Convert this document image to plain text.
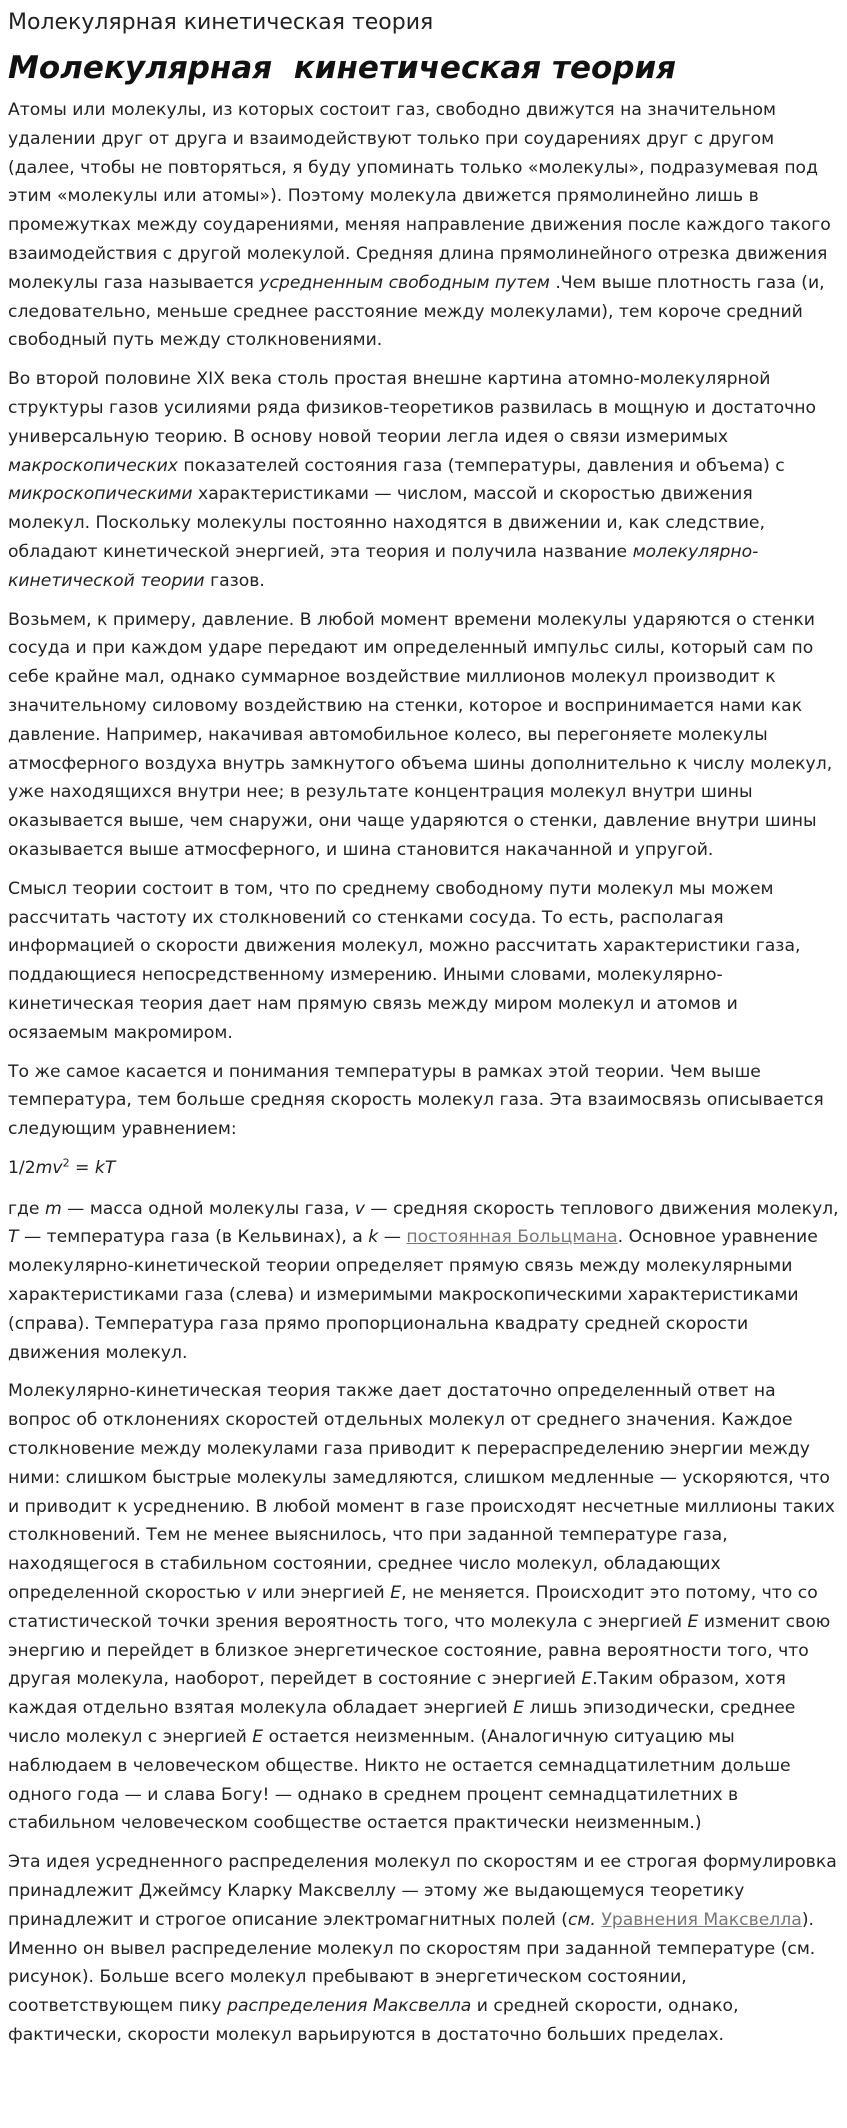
Молекулярная кинетическая теория
Молекулярная  кинетическая теория

Атомы или молекулы, из которых состоит газ, свободно движутся на значительном удалении друг от друга и взаимодействуют только при соударениях друг с другом (далее, чтобы не повторяться, я буду упоминать только «молекулы», подразумевая под этим «молекулы или атомы»). Поэтому молекула движется прямолинейно лишь в промежутках между соударениями, меняя направление движения после каждого такого взаимодействия с другой молекулой. Средняя длина прямолинейного отрезка движения молекулы газа называется усредненным свободным путем .Чем выше плотность газа (и, следовательно, меньше среднее расстояние между молекулами), тем короче средний свободный путь между столкновениями.

Во второй половине XIX века столь простая внешне картина атомно-молекулярной структуры газов усилиями ряда физиков-теоретиков развилась в мощную и достаточно универсальную теорию. В основу новой теории легла идея о связи измеримых макроскопических показателей состояния газа (температуры, давления и объема) с микроскопическими характеристиками — числом, массой и скоростью движения молекул. Поскольку молекулы постоянно находятся в движении и, как следствие, обладают кинетической энергией, эта теория и получила название молекулярно-кинетической теории газов.

Возьмем, к примеру, давление. В любой момент времени молекулы ударяются о стенки сосуда и при каждом ударе передают им определенный импульс силы, который сам по себе крайне мал, однако суммарное воздействие миллионов молекул производит к значительному силовому воздействию на стенки, которое и воспринимается нами как давление. Например, накачивая автомобильное колесо, вы перегоняете молекулы атмосферного воздуха внутрь замкнутого объема шины дополнительно к числу молекул, уже находящихся внутри нее; в результате концентрация молекул внутри шины оказывается выше, чем снаружи, они чаще ударяются о стенки, давление внутри шины оказывается выше атмосферного, и шина становится накачанной и упругой.

Смысл теории состоит в том, что по среднему свободному пути молекул мы можем рассчитать частоту их столкновений со стенками сосуда. То есть, располагая информацией о скорости движения молекул, можно рассчитать характеристики газа, поддающиеся непосредственному измерению. Иными словами, молекулярно-кинетическая теория дает нам прямую связь между миром молекул и атомов и осязаемым макромиром.

То же самое касается и понимания температуры в рамках этой теории. Чем выше температура, тем больше средняя скорость молекул газа. Эта взаимосвязь описывается следующим уравнением:

$1/2mv^2$ = kT

где m — масса одной молекулы газа, v — средняя скорость теплового движения молекул, T — температура газа (в Кельвинах), а k — постоянная Больцмана. Основное уравнение молекулярно-кинетической теории определяет прямую связь между молекулярными характеристиками газа (слева) и измеримыми макроскопическими характеристиками (справа). Температура газа прямо пропорциональна квадрату средней скорости движения молекул.

Молекулярно-кинетическая теория также дает достаточно определенный ответ на вопрос об отклонениях скоростей отдельных молекул от среднего значения. Каждое столкновение между молекулами газа приводит к перераспределению энергии между ними: слишком быстрые молекулы замедляются, слишком медленные — ускоряются, что и приводит к усреднению. В любой момент в газе происходят несчетные миллионы таких столкновений. Тем не менее выяснилось, что при заданной температуре газа, находящегося в стабильном состоянии, среднее число молекул, обладающих определенной скоростью v или энергией E, не меняется. Происходит это потому, что со статистической точки зрения вероятность того, что молекула с энергией E изменит свою энергию и перейдет в близкое энергетическое состояние, равна вероятности того, что другая молекула, наоборот, перейдет в состояние с энергией E.Таким образом, хотя каждая отдельно взятая молекула обладает энергией E лишь эпизодически, среднее число молекул с энергией E остается неизменным. (Аналогичную ситуацию мы наблюдаем в человеческом обществе. Никто не остается семнадцатилетним дольше одного года — и слава Богу! — однако в среднем процент семнадцатилетних в стабильном человеческом сообществе остается практически неизменным.)

Эта идея усредненного распределения молекул по скоростям и ее строгая формулировка принадлежит Джеймсу Кларку Максвеллу — этому же выдающемуся теоретику принадлежит и строгое описание электромагнитных полей (см. Уравнения Максвелла). Именно он вывел распределение молекул по скоростям при заданной температуре (см. рисунок). Больше всего молекул пребывают в энергетическом состоянии, соответствующем пику распределения Максвелла и средней скорости, однако, фактически, скорости молекул варьируются в достаточно больших пределах.
